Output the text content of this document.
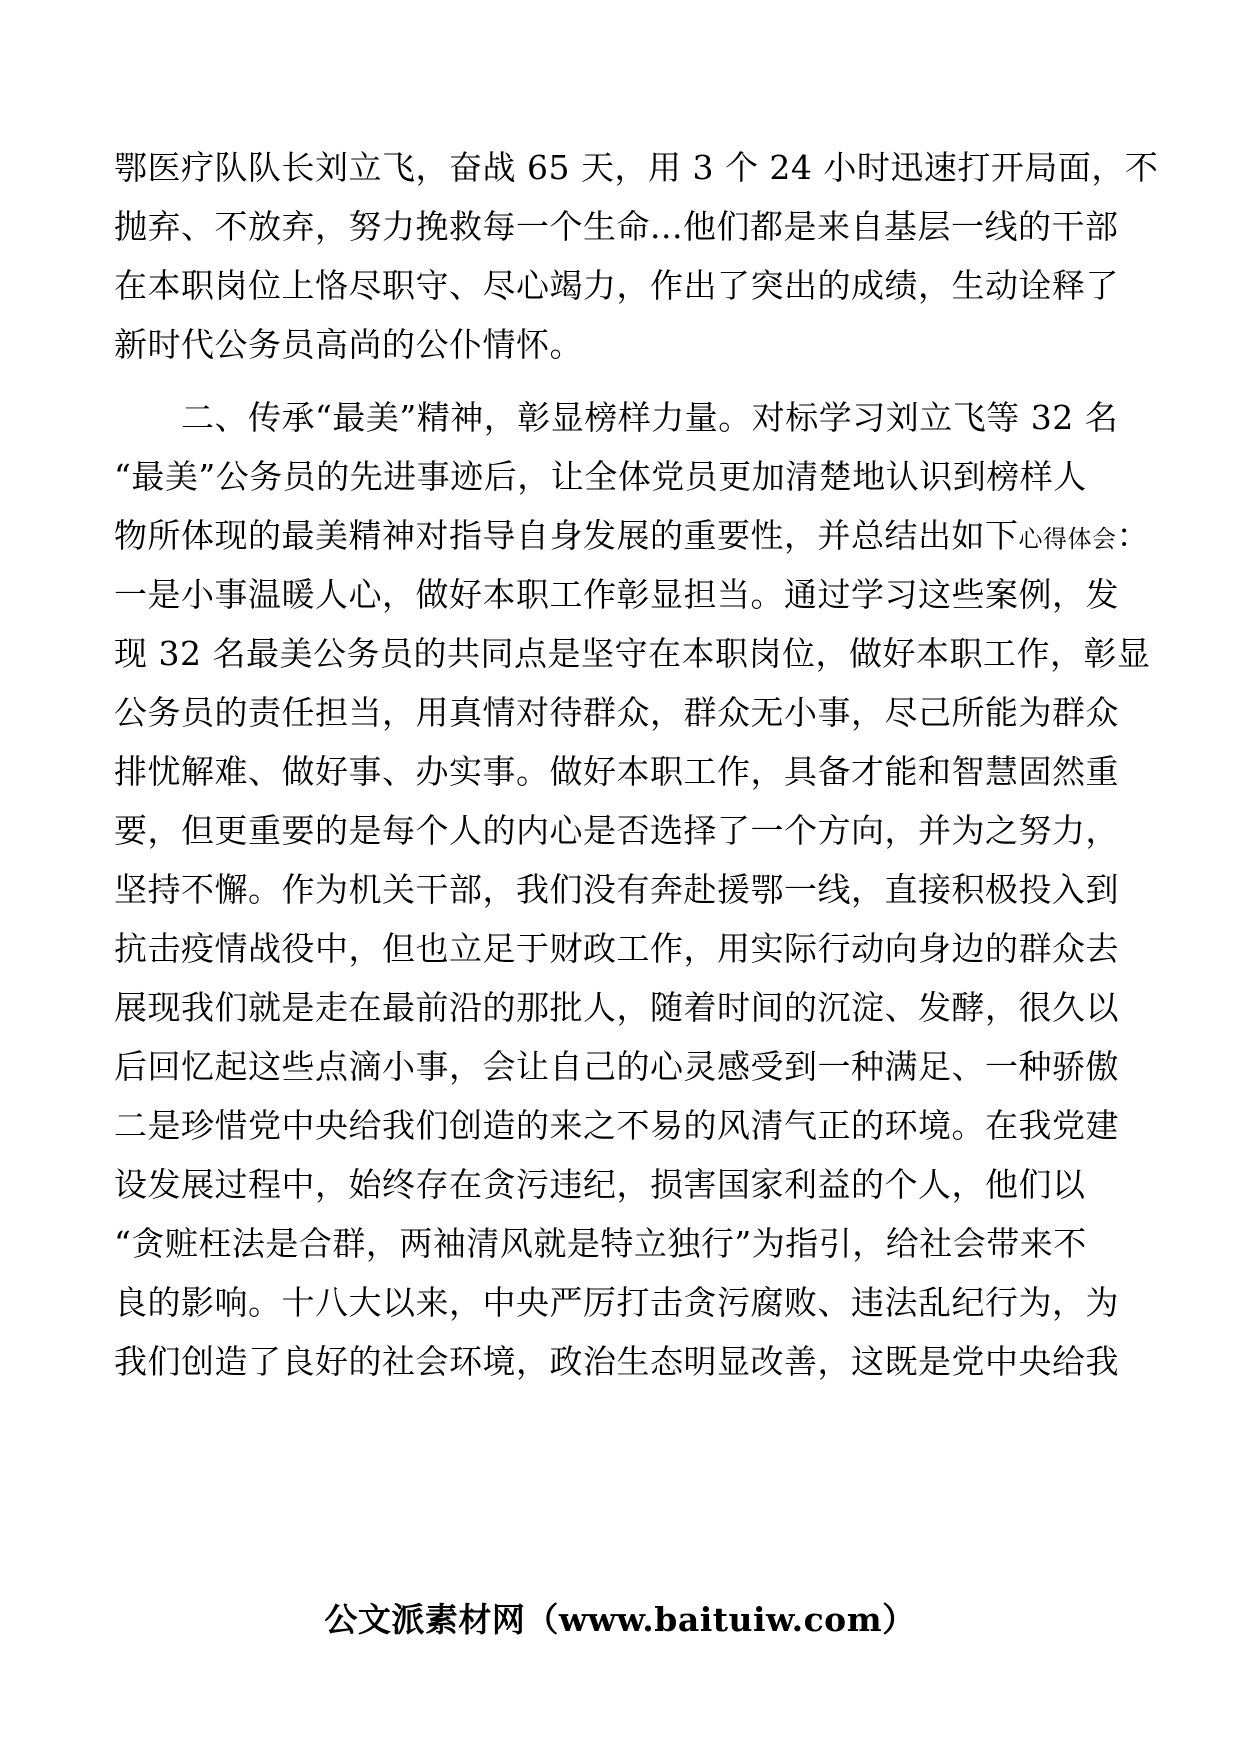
鄂医疗队队长刘立飞，奋战 65 天，用 3 个 24 小时迅速打开局面，不
抛弃、不放弃，努力挽救每一个生命...他们都是来自基层一线的干部
在本职岗位上恪尽职守、尽心竭力，作出了突出的成绩，生动诠释了
新时代公务员高尚的公仆情怀。
　　二、传承“最美”精神，彰显榜样力量。对标学习刘立飞等 32 名
“最美”公务员的先进事迹后，让全体党员更加清楚地认识到榜样人
物所体现的最美精神对指导自身发展的重要性，并总结出如下心得体会：
一是小事温暖人心，做好本职工作彰显担当。通过学习这些案例，发
现 32 名最美公务员的共同点是坚守在本职岗位，做好本职工作，彰显
公务员的责任担当，用真情对待群众，群众无小事，尽己所能为群众
排忧解难、做好事、办实事。做好本职工作，具备才能和智慧固然重
要，但更重要的是每个人的内心是否选择了一个方向，并为之努力，
坚持不懈。作为机关干部，我们没有奔赴援鄂一线，直接积极投入到
抗击疫情战役中，但也立足于财政工作，用实际行动向身边的群众去
展现我们就是走在最前沿的那批人，随着时间的沉淀、发酵，很久以
后回忆起这些点滴小事，会让自己的心灵感受到一种满足、一种骄傲
二是珍惜党中央给我们创造的来之不易的风清气正的环境。在我党建
设发展过程中，始终存在贪污违纪，损害国家利益的个人，他们以
“贪赃枉法是合群，两袖清风就是特立独行”为指引，给社会带来不
良的影响。十八大以来，中央严厉打击贪污腐败、违法乱纪行为，为
我们创造了良好的社会环境，政治生态明显改善，这既是党中央给我
公文派素材网（www.baituiw.com）
